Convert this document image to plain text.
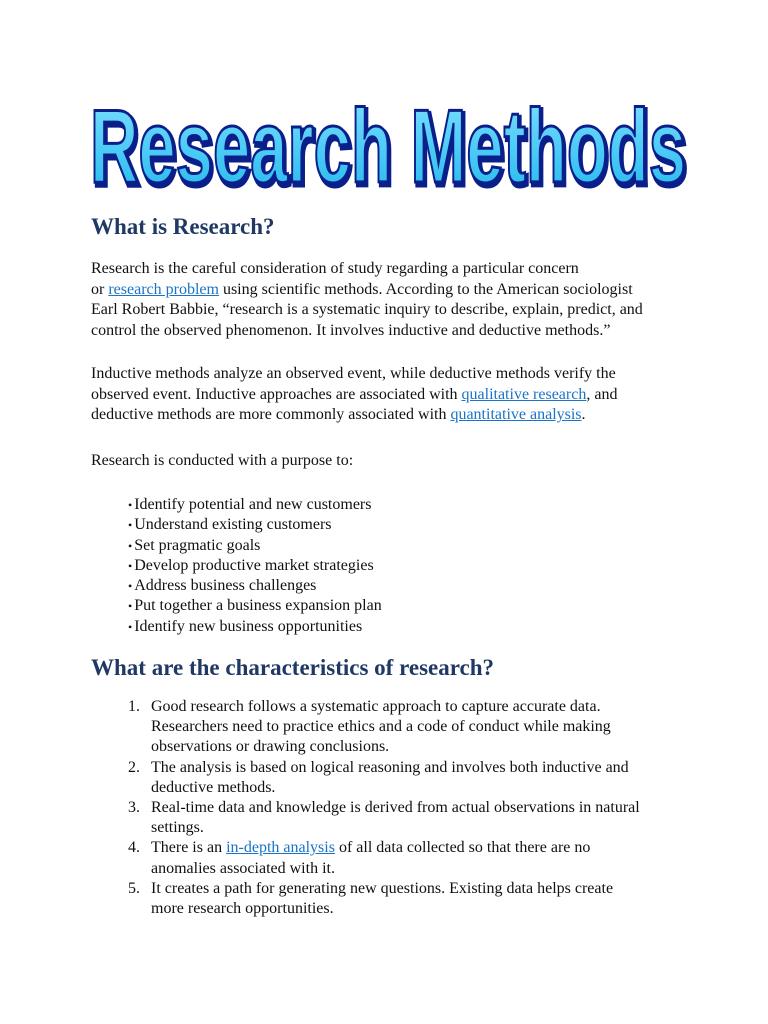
Research Methods
Research Methods
What is Research?

Research is the careful consideration of study regarding a particular concern
or research problem using scientific methods. According to the American sociologist
Earl Robert Babbie, “research is a systematic inquiry to describe, explain, predict, and
control the observed phenomenon. It involves inductive and deductive methods.”

Inductive methods analyze an observed event, while deductive methods verify the
observed event. Inductive approaches are associated with qualitative research, and
deductive methods are more commonly associated with quantitative analysis.

Research is conducted with a purpose to:

• Identify potential and new customers
• Understand existing customers
• Set pragmatic goals
• Develop productive market strategies
• Address business challenges
• Put together a business expansion plan
• Identify new business opportunities
What are the characteristics of research?
1. Good research follows a systematic approach to capture accurate data.
Researchers need to practice ethics and a code of conduct while making
observations or drawing conclusions.
2. The analysis is based on logical reasoning and involves both inductive and
deductive methods.
3. Real-time data and knowledge is derived from actual observations in natural
settings.
4. There is an in-depth analysis of all data collected so that there are no
anomalies associated with it.
5. It creates a path for generating new questions. Existing data helps create
more research opportunities.
